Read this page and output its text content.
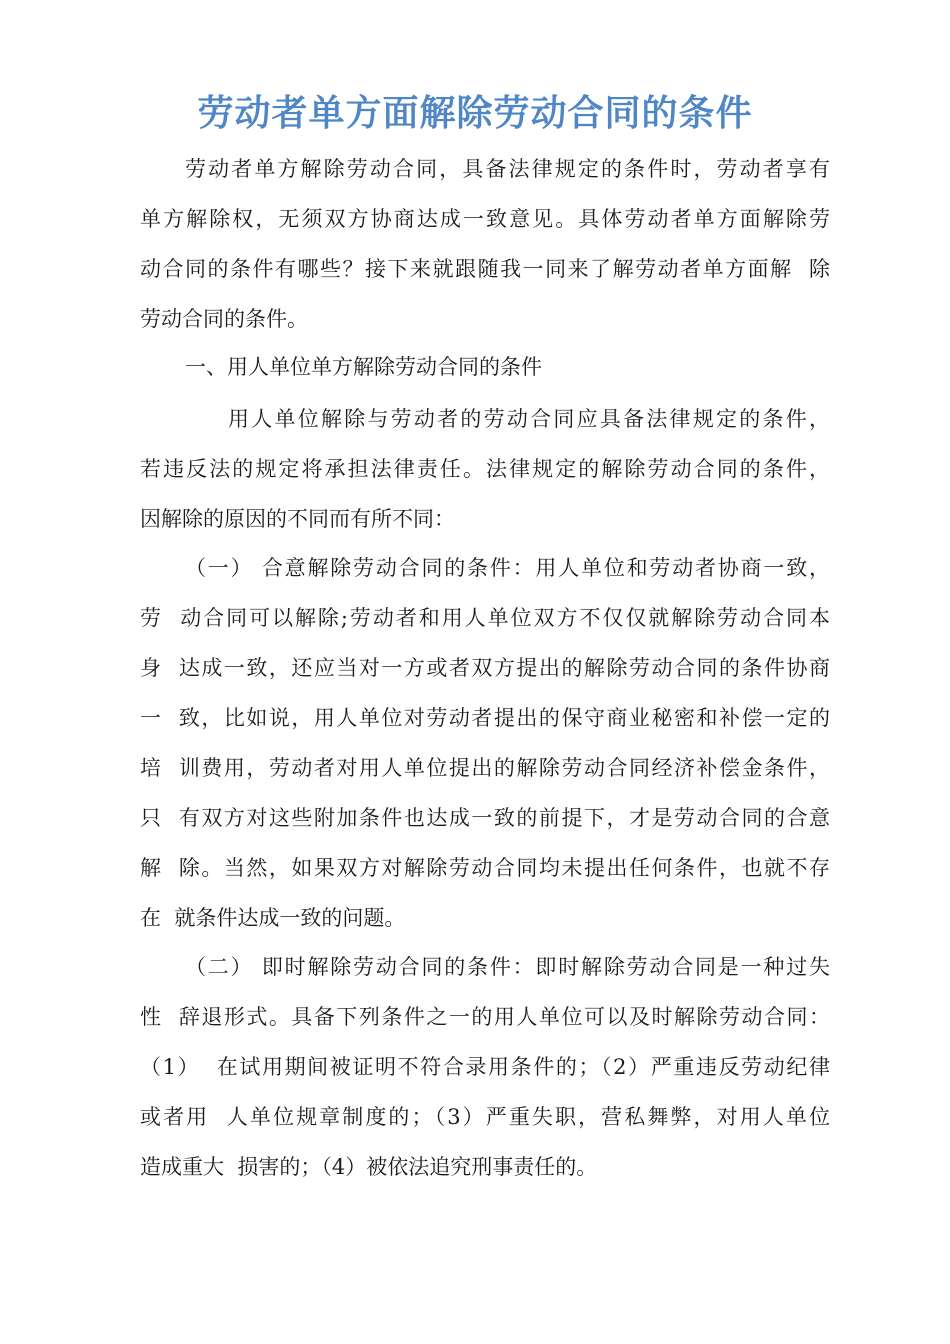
劳动者单方面解除劳动合同的条件
劳动者单方解除劳动合同，具备法律规定的条件时，劳动者享有
单方解除权，无须双方协商达成一致意见。具体劳动者单方面解除劳
动合同的条件有哪些？接下来就跟随我一同来了解劳动者单方面解  除
劳动合同的条件。
一、用人单位单方解除劳动合同的条件
用人单位解除与劳动者的劳动合同应具备法律规定的条件，
若违反法的规定将承担法律责任。法律规定的解除劳动合同的条件，
因解除的原因的不同而有所不同：
（一） 合意解除劳动合同的条件：用人单位和劳动者协商一致，
劳  动合同可以解除;劳动者和用人单位双方不仅仅就解除劳动合同本
身  达成一致，还应当对一方或者双方提出的解除劳动合同的条件协商
一  致，比如说，用人单位对劳动者提出的保守商业秘密和补偿一定的
培  训费用，劳动者对用人单位提出的解除劳动合同经济补偿金条件，
只  有双方对这些附加条件也达成一致的前提下，才是劳动合同的合意
解  除。当然，如果双方对解除劳动合同均未提出任何条件，也就不存
在  就条件达成一致的问题。
（二） 即时解除劳动合同的条件：即时解除劳动合同是一种过失
性  辞退形式。具备下列条件之一的用人单位可以及时解除劳动合同：
（1）  在试用期间被证明不符合录用条件的；（2）严重违反劳动纪律
或者用  人单位规章制度的；（3）严重失职，营私舞弊，对用人单位
造成重大  损害的；（4）被依法追究刑事责任的。
